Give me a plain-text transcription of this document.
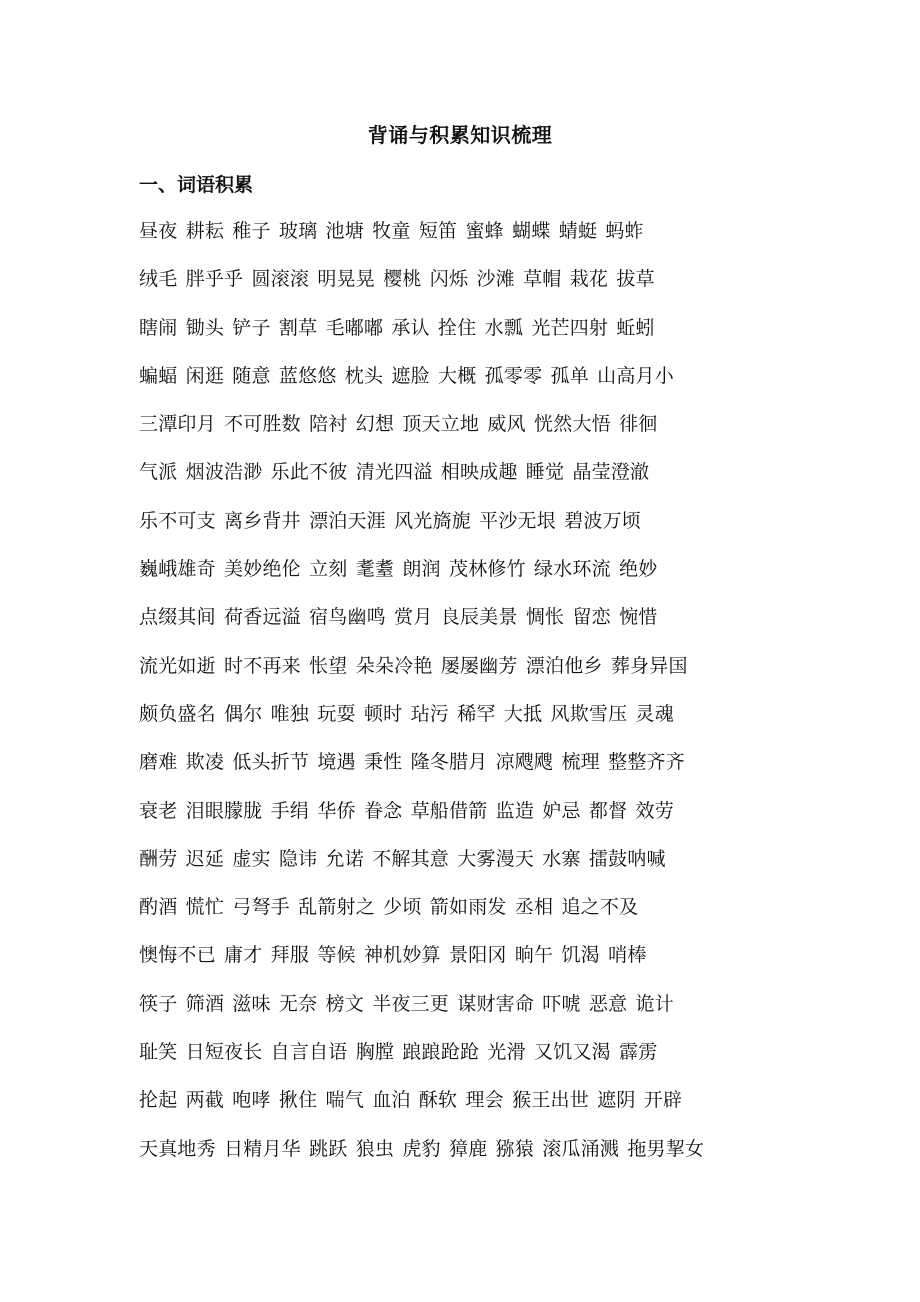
背诵与积累知识梳理
一、词语积累
昼夜 耕耘 稚子 玻璃 池塘 牧童 短笛 蜜蜂 蝴蝶 蜻蜓 蚂蚱
绒毛 胖乎乎 圆滚滚 明晃晃 樱桃 闪烁 沙滩 草帽 栽花 拔草
瞎闹 锄头 铲子 割草 毛嘟嘟 承认 拴住 水瓢 光芒四射 蚯蚓
蝙蝠 闲逛 随意 蓝悠悠 枕头 遮脸 大概 孤零零 孤单 山高月小
三潭印月 不可胜数 陪衬 幻想 顶天立地 威风 恍然大悟 徘徊
气派 烟波浩渺 乐此不彼 清光四溢 相映成趣 睡觉 晶莹澄澈
乐不可支 离乡背井 漂泊天涯 风光旖旎 平沙无垠 碧波万顷
巍峨雄奇 美妙绝伦 立刻 耄耋 朗润 茂林修竹 绿水环流 绝妙
点缀其间 荷香远溢 宿鸟幽鸣 赏月 良辰美景 惆怅 留恋 惋惜
流光如逝 时不再来 怅望 朵朵冷艳 屡屡幽芳 漂泊他乡 葬身异国
颇负盛名 偶尔 唯独 玩耍 顿时 玷污 稀罕 大抵 风欺雪压 灵魂
磨难 欺凌 低头折节 境遇 秉性 隆冬腊月 凉飕飕 梳理 整整齐齐
衰老 泪眼朦胧 手绢 华侨 眷念 草船借箭 监造 妒忌 都督 效劳
酬劳 迟延 虚实 隐讳 允诺 不解其意 大雾漫天 水寨 擂鼓呐喊
酌酒 慌忙 弓弩手 乱箭射之 少顷 箭如雨发 丞相 追之不及
懊悔不已 庸才 拜服 等候 神机妙算 景阳冈 晌午 饥渴 哨棒
筷子 筛酒 滋味 无奈 榜文 半夜三更 谋财害命 吓唬 恶意 诡计
耻笑 日短夜长 自言自语 胸膛 踉踉跄跄 光滑 又饥又渴 霹雳
抡起 两截 咆哮 揪住 喘气 血泊 酥软 理会 猴王出世 遮阴 开辟
天真地秀 日精月华 跳跃 狼虫 虎豹 獐鹿 猕猿 滚瓜涌溅 拖男挈女
